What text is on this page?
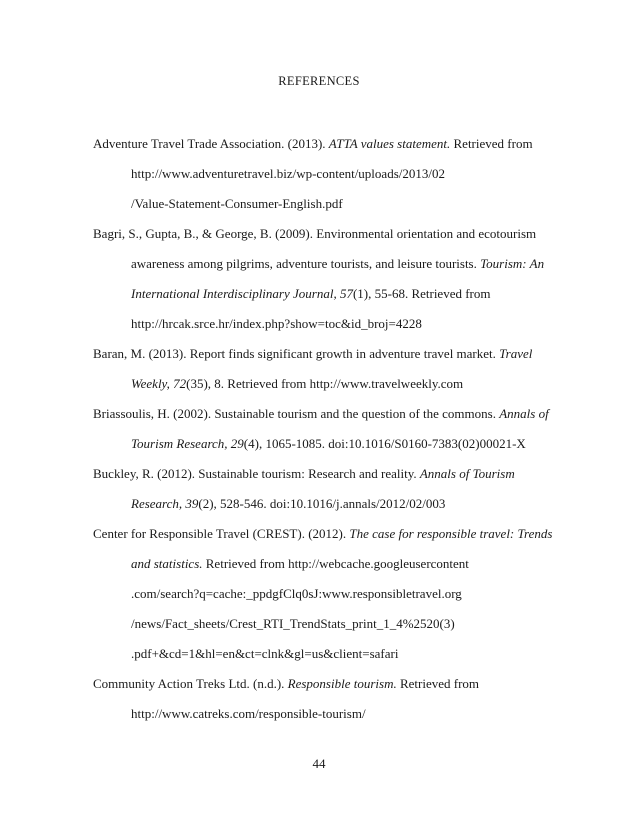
REFERENCES
Adventure Travel Trade Association. (2013). ATTA values statement. Retrieved from
http://www.adventuretravel.biz/wp-content/uploads/2013/02
/Value-Statement-Consumer-English.pdf
Bagri, S., Gupta, B., & George, B. (2009). Environmental orientation and ecotourism
awareness among pilgrims, adventure tourists, and leisure tourists. Tourism: An
International Interdisciplinary Journal, 57(1), 55-68. Retrieved from
http://hrcak.srce.hr/index.php?show=toc&id_broj=4228
Baran, M. (2013). Report finds significant growth in adventure travel market. Travel
Weekly, 72(35), 8. Retrieved from http://www.travelweekly.com
Briassoulis, H. (2002). Sustainable tourism and the question of the commons. Annals of
Tourism Research, 29(4), 1065-1085. doi:10.1016/S0160-7383(02)00021-X
Buckley, R. (2012). Sustainable tourism: Research and reality. Annals of Tourism
Research, 39(2), 528-546. doi:10.1016/j.annals/2012/02/003
Center for Responsible Travel (CREST). (2012). The case for responsible travel: Trends
and statistics. Retrieved from http://webcache.googleusercontent
.com/search?q=cache:_ppdgfClq0sJ:www.responsibletravel.org
/news/Fact_sheets/Crest_RTI_TrendStats_print_1_4%2520(3)
.pdf+&cd=1&hl=en&ct=clnk&gl=us&client=safari
Community Action Treks Ltd. (n.d.). Responsible tourism. Retrieved from
http://www.catreks.com/responsible-tourism/
44
